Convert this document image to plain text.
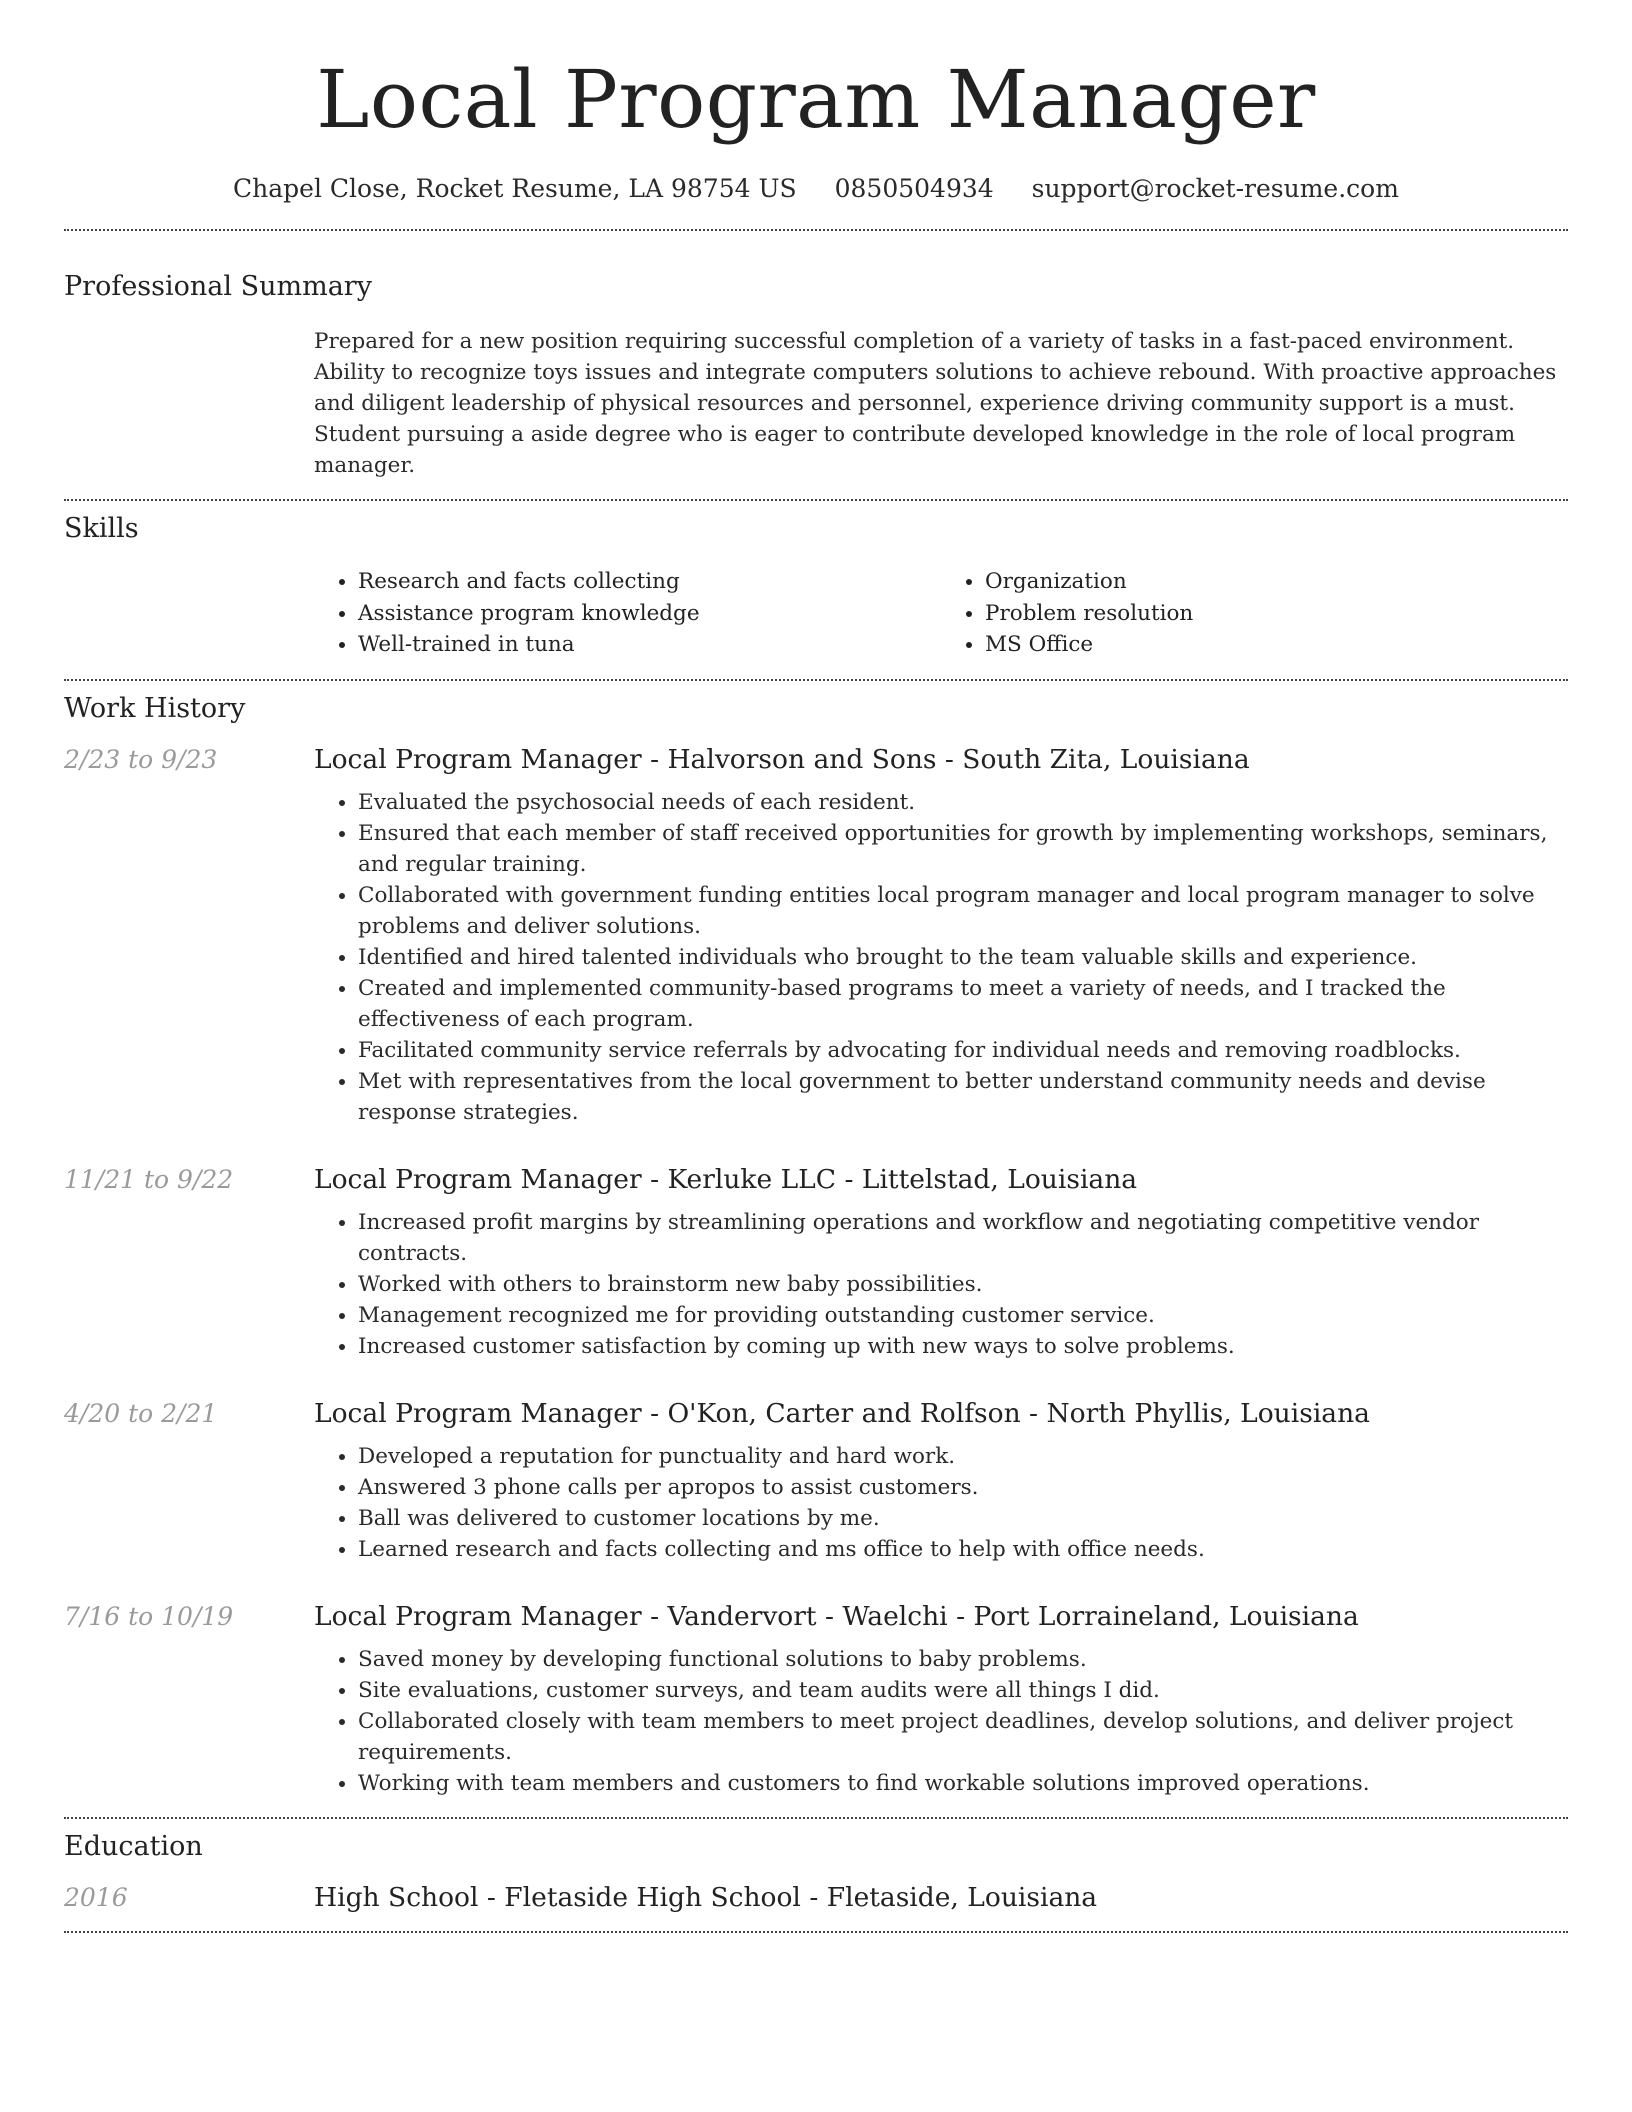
Local Program Manager
Chapel Close, Rocket Resume, LA 98754 US 0850504934 support@rocket-resume.com
Professional Summary
Prepared for a new position requiring successful completion of a variety of tasks in a fast-paced environment. Ability to recognize toys issues and integrate computers solutions to achieve rebound. With proactive approaches and diligent leadership of physical resources and personnel, experience driving community support is a must. Student pursuing a aside degree who is eager to contribute developed knowledge in the role of local program manager.
Skills
• Research and facts collecting
• Assistance program knowledge
• Well-trained in tuna
• Organization
• Problem resolution
• MS Office
Work History
2/23 to 9/23	Local Program Manager - Halvorson and Sons - South Zita, Louisiana
• Evaluated the psychosocial needs of each resident.
• Ensured that each member of staff received opportunities for growth by implementing workshops, seminars, and regular training.
• Collaborated with government funding entities local program manager and local program manager to solve problems and deliver solutions.
• Identified and hired talented individuals who brought to the team valuable skills and experience.
• Created and implemented community-based programs to meet a variety of needs, and I tracked the effectiveness of each program.
• Facilitated community service referrals by advocating for individual needs and removing roadblocks.
• Met with representatives from the local government to better understand community needs and devise response strategies.
11/21 to 9/22	Local Program Manager - Kerluke LLC - Littelstad, Louisiana
• Increased profit margins by streamlining operations and workflow and negotiating competitive vendor contracts.
• Worked with others to brainstorm new baby possibilities.
• Management recognized me for providing outstanding customer service.
• Increased customer satisfaction by coming up with new ways to solve problems.
4/20 to 2/21	Local Program Manager - O'Kon, Carter and Rolfson - North Phyllis, Louisiana
• Developed a reputation for punctuality and hard work.
• Answered 3 phone calls per apropos to assist customers.
• Ball was delivered to customer locations by me.
• Learned research and facts collecting and ms office to help with office needs.
7/16 to 10/19	Local Program Manager - Vandervort - Waelchi - Port Lorraineland, Louisiana
• Saved money by developing functional solutions to baby problems.
• Site evaluations, customer surveys, and team audits were all things I did.
• Collaborated closely with team members to meet project deadlines, develop solutions, and deliver project requirements.
• Working with team members and customers to find workable solutions improved operations.
Education
2016	High School - Fletaside High School - Fletaside, Louisiana
